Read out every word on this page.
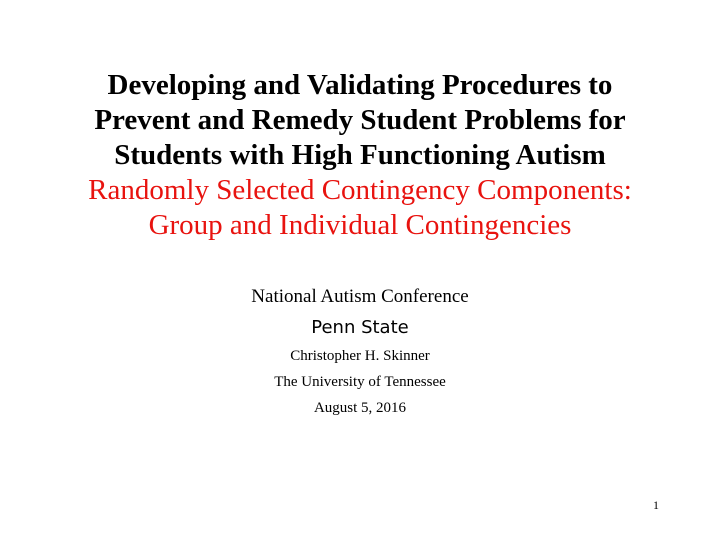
Developing and Validating Procedures to
Prevent and Remedy Student Problems for
Students with High Functioning Autism
Randomly Selected Contingency Components:
Group and Individual Contingencies
National Autism Conference
Penn State
Christopher H. Skinner
The University of Tennessee
August 5, 2016
1
